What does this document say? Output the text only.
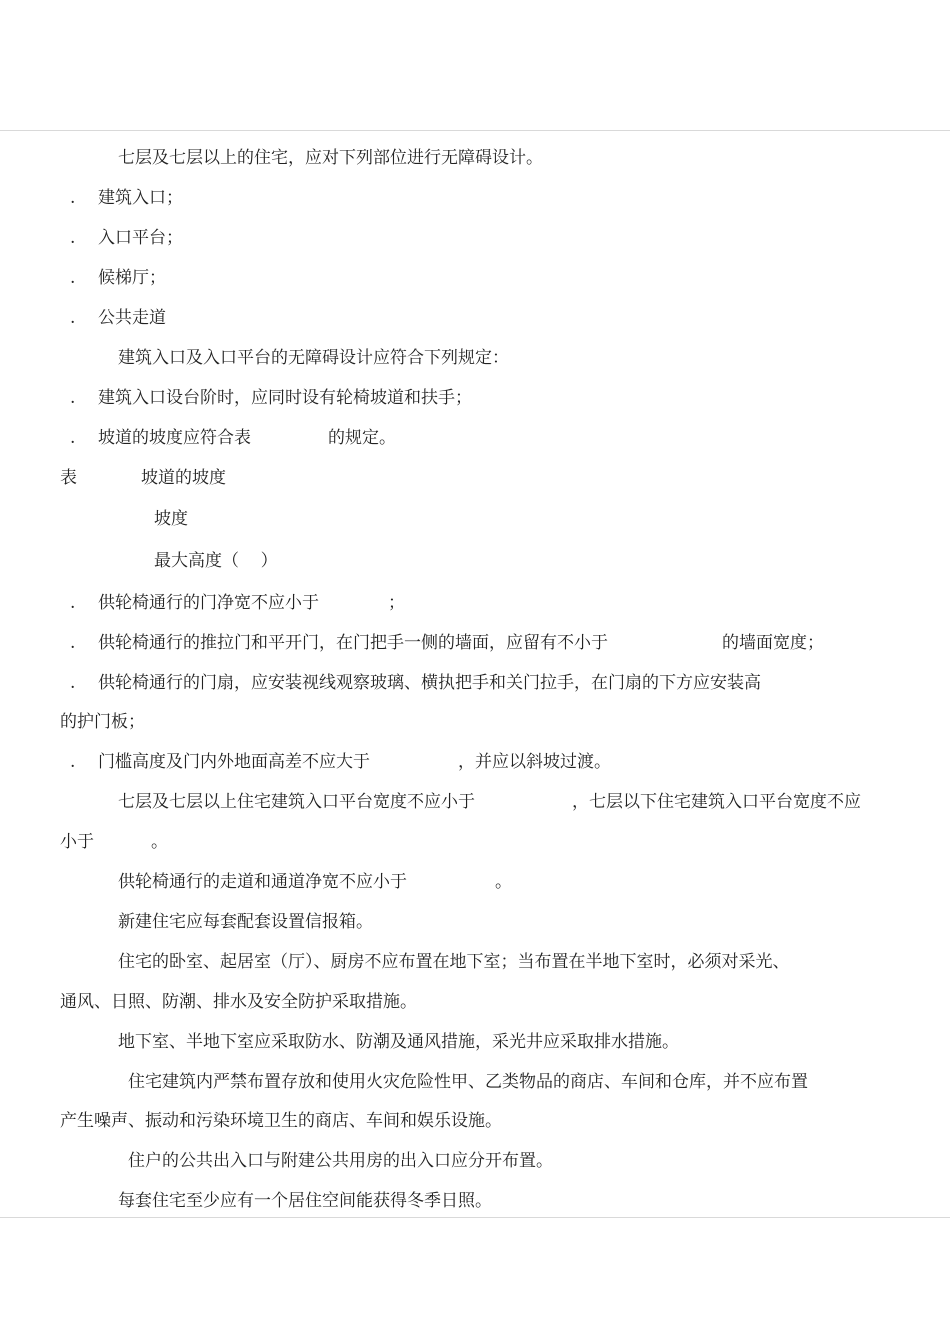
七层及七层以上的住宅，应对下列部位进行无障碍设计。
. 建筑入口；
. 入口平台；
. 候梯厅；
. 公共走道
建筑入口及入口平台的无障碍设计应符合下列规定：
. 建筑入口设台阶时，应同时设有轮椅坡道和扶手；
. 坡道的坡度应符合表	的规定。
表	坡道的坡度
坡度
最大高度（    ）
. 供轮椅通行的门净宽不应小于	；
. 供轮椅通行的推拉门和平开门，在门把手一侧的墙面，应留有不小于	的墙面宽度；
. 供轮椅通行的门扇，应安装视线观察玻璃、横执把手和关门拉手，在门扇的下方应安装高
的护门板；
. 门槛高度及门内外地面高差不应大于	，并应以斜坡过渡。
七层及七层以上住宅建筑入口平台宽度不应小于	，七层以下住宅建筑入口平台宽度不应
小于	。
供轮椅通行的走道和通道净宽不应小于	。
新建住宅应每套配套设置信报箱。
住宅的卧室、起居室（厅）、厨房不应布置在地下室；当布置在半地下室时，必须对采光、
通风、日照、防潮、排水及安全防护采取措施。
地下室、半地下室应采取防水、防潮及通风措施，采光井应采取排水措施。
住宅建筑内严禁布置存放和使用火灾危险性甲、乙类物品的商店、车间和仓库，并不应布置
产生噪声、振动和污染环境卫生的商店、车间和娱乐设施。
住户的公共出入口与附建公共用房的出入口应分开布置。
每套住宅至少应有一个居住空间能获得冬季日照。
